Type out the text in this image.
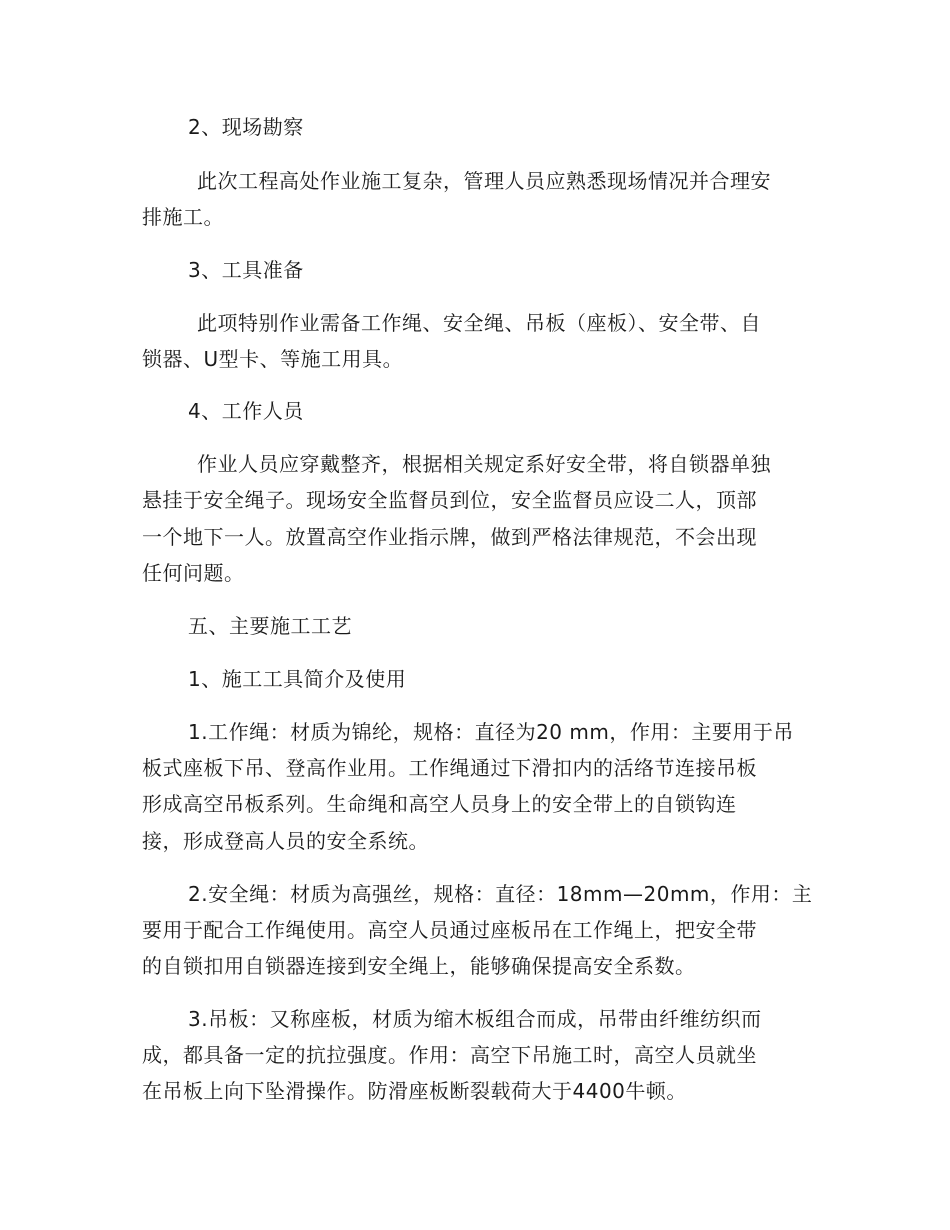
2、现场勘察
此次工程高处作业施工复杂，管理人员应熟悉现场情况并合理安
排施工。
3、工具准备
此项特别作业需备工作绳、安全绳、吊板（座板）、安全带、自
锁器、U型卡、等施工用具。
4、工作人员
作业人员应穿戴整齐，根据相关规定系好安全带，将自锁器单独
悬挂于安全绳子。现场安全监督员到位，安全监督员应设二人，顶部
一个地下一人。放置高空作业指示牌，做到严格法律规范，不会出现
任何问题。
五、主要施工工艺
1、施工工具简介及使用
1.工作绳：材质为锦纶，规格：直径为20 mm，作用：主要用于吊
板式座板下吊、登高作业用。工作绳通过下滑扣内的活络节连接吊板
形成高空吊板系列。生命绳和高空人员身上的安全带上的自锁钩连
接，形成登高人员的安全系统。
2.安全绳：材质为高强丝，规格：直径：18mm—20mm，作用：主
要用于配合工作绳使用。高空人员通过座板吊在工作绳上，把安全带
的自锁扣用自锁器连接到安全绳上，能够确保提高安全系数。
3.吊板：又称座板，材质为缩木板组合而成，吊带由纤维纺织而
成，都具备一定的抗拉强度。作用：高空下吊施工时，高空人员就坐
在吊板上向下坠滑操作。防滑座板断裂载荷大于4400牛顿。
